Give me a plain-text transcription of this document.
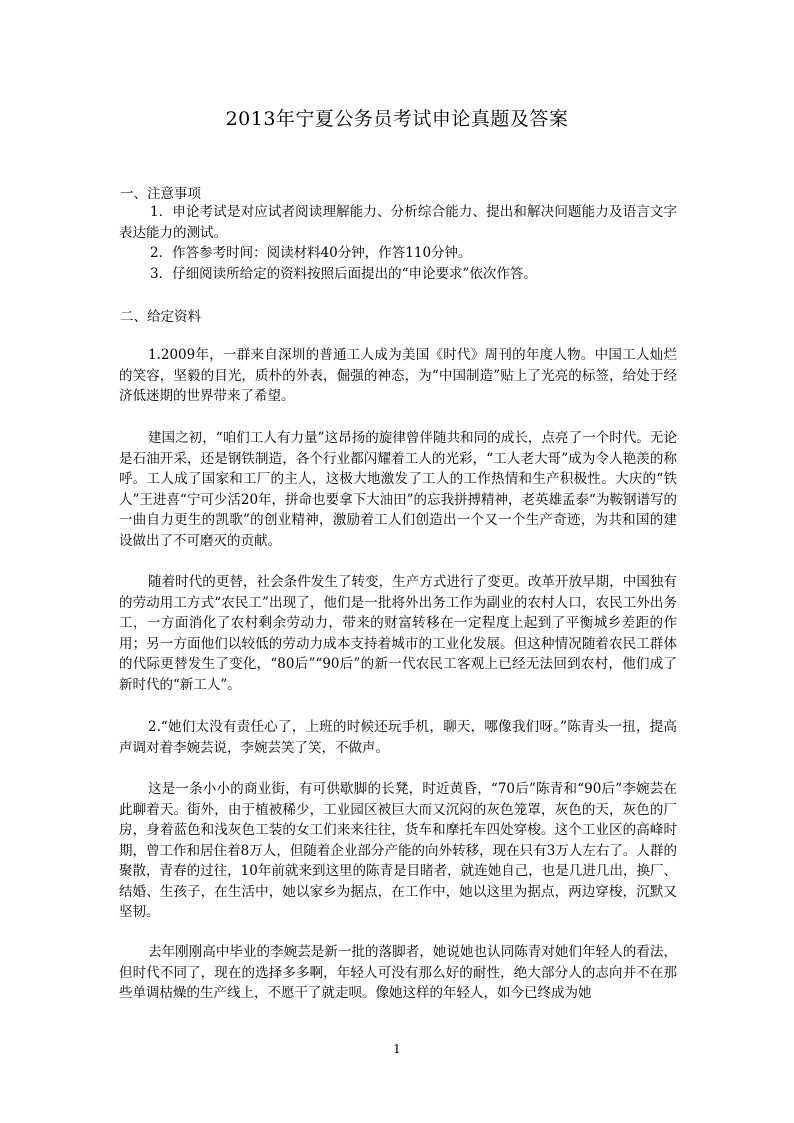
2013年宁夏公务员考试申论真题及答案

一、注意事项

1．申论考试是对应试者阅读理解能力、分析综合能力、提出和解决问题能力及语言文字表达能力的测试。

2．作答参考时间：阅读材料40分钟，作答110分钟。

3．仔细阅读所给定的资料按照后面提出的“申论要求”依次作答。

二、给定资料

1.2009年，一群来自深圳的普通工人成为美国《时代》周刊的年度人物。中国工人灿烂的笑容，坚毅的目光，质朴的外表，倔强的神态，为“中国制造”贴上了光亮的标签，给处于经济低迷期的世界带来了希望。

建国之初，“咱们工人有力量”这昂扬的旋律曾伴随共和同的成长，点亮了一个时代。无论是石油开采，还是钢铁制造，各个行业都闪耀着工人的光彩，“工人老大哥”成为令人艳羡的称呼。工人成了国家和工厂的主人，这极大地激发了工人的工作热情和生产积极性。大庆的“铁人”王进喜“宁可少活20年，拼命也要拿下大油田”的忘我拼搏精神，老英雄孟泰“为鞍钢谱写的一曲自力更生的凯歌”的创业精神，激励着工人们创造出一个又一个生产奇迹，为共和国的建设做出了不可磨灭的贡献。

随着时代的更替，社会条件发生了转变，生产方式进行了变更。改革开放早期，中国独有的劳动用工方式“农民工”出现了，他们是一批将外出务工作为副业的农村人口，农民工外出务工，一方面消化了农村剩余劳动力，带来的财富转移在一定程度上起到了平衡城乡差距的作用；另一方面他们以较低的劳动力成本支持着城市的工业化发展。但这种情况随着农民工群体的代际更替发生了变化，“80后”“90后”的新一代农民工客观上已经无法回到农村，他们成了新时代的“新工人”。

2.“她们太没有责任心了，上班的时候还玩手机，聊天，哪像我们呀。”陈青头一扭，提高声调对着李婉芸说，李婉芸笑了笑，不做声。

这是一条小小的商业街，有可供歇脚的长凳，时近黄昏，“70后”陈青和“90后”李婉芸在此聊着天。街外，由于植被稀少，工业园区被巨大而又沉闷的灰色笼罩，灰色的天，灰色的厂房，身着蓝色和浅灰色工装的女工们来来往往，货车和摩托车四处穿梭。这个工业区的高峰时期，曾工作和居住着8万人，但随着企业部分产能的向外转移，现在只有3万人左右了。人群的聚散，青春的过往，10年前就来到这里的陈青是目睹者，就连她自己，也是几进几出，换厂、结婚、生孩子，在生活中，她以家乡为据点，在工作中，她以这里为据点，两边穿梭，沉默又坚韧。

去年刚刚高中毕业的李婉芸是新一批的落脚者，她说她也认同陈青对她们年轻人的看法，但时代不同了，现在的选择多多啊，年轻人可没有那么好的耐性，绝大部分人的志向并不在那些单调枯燥的生产线上，不愿干了就走呗。像她这样的年轻人，如今已终成为她

1
